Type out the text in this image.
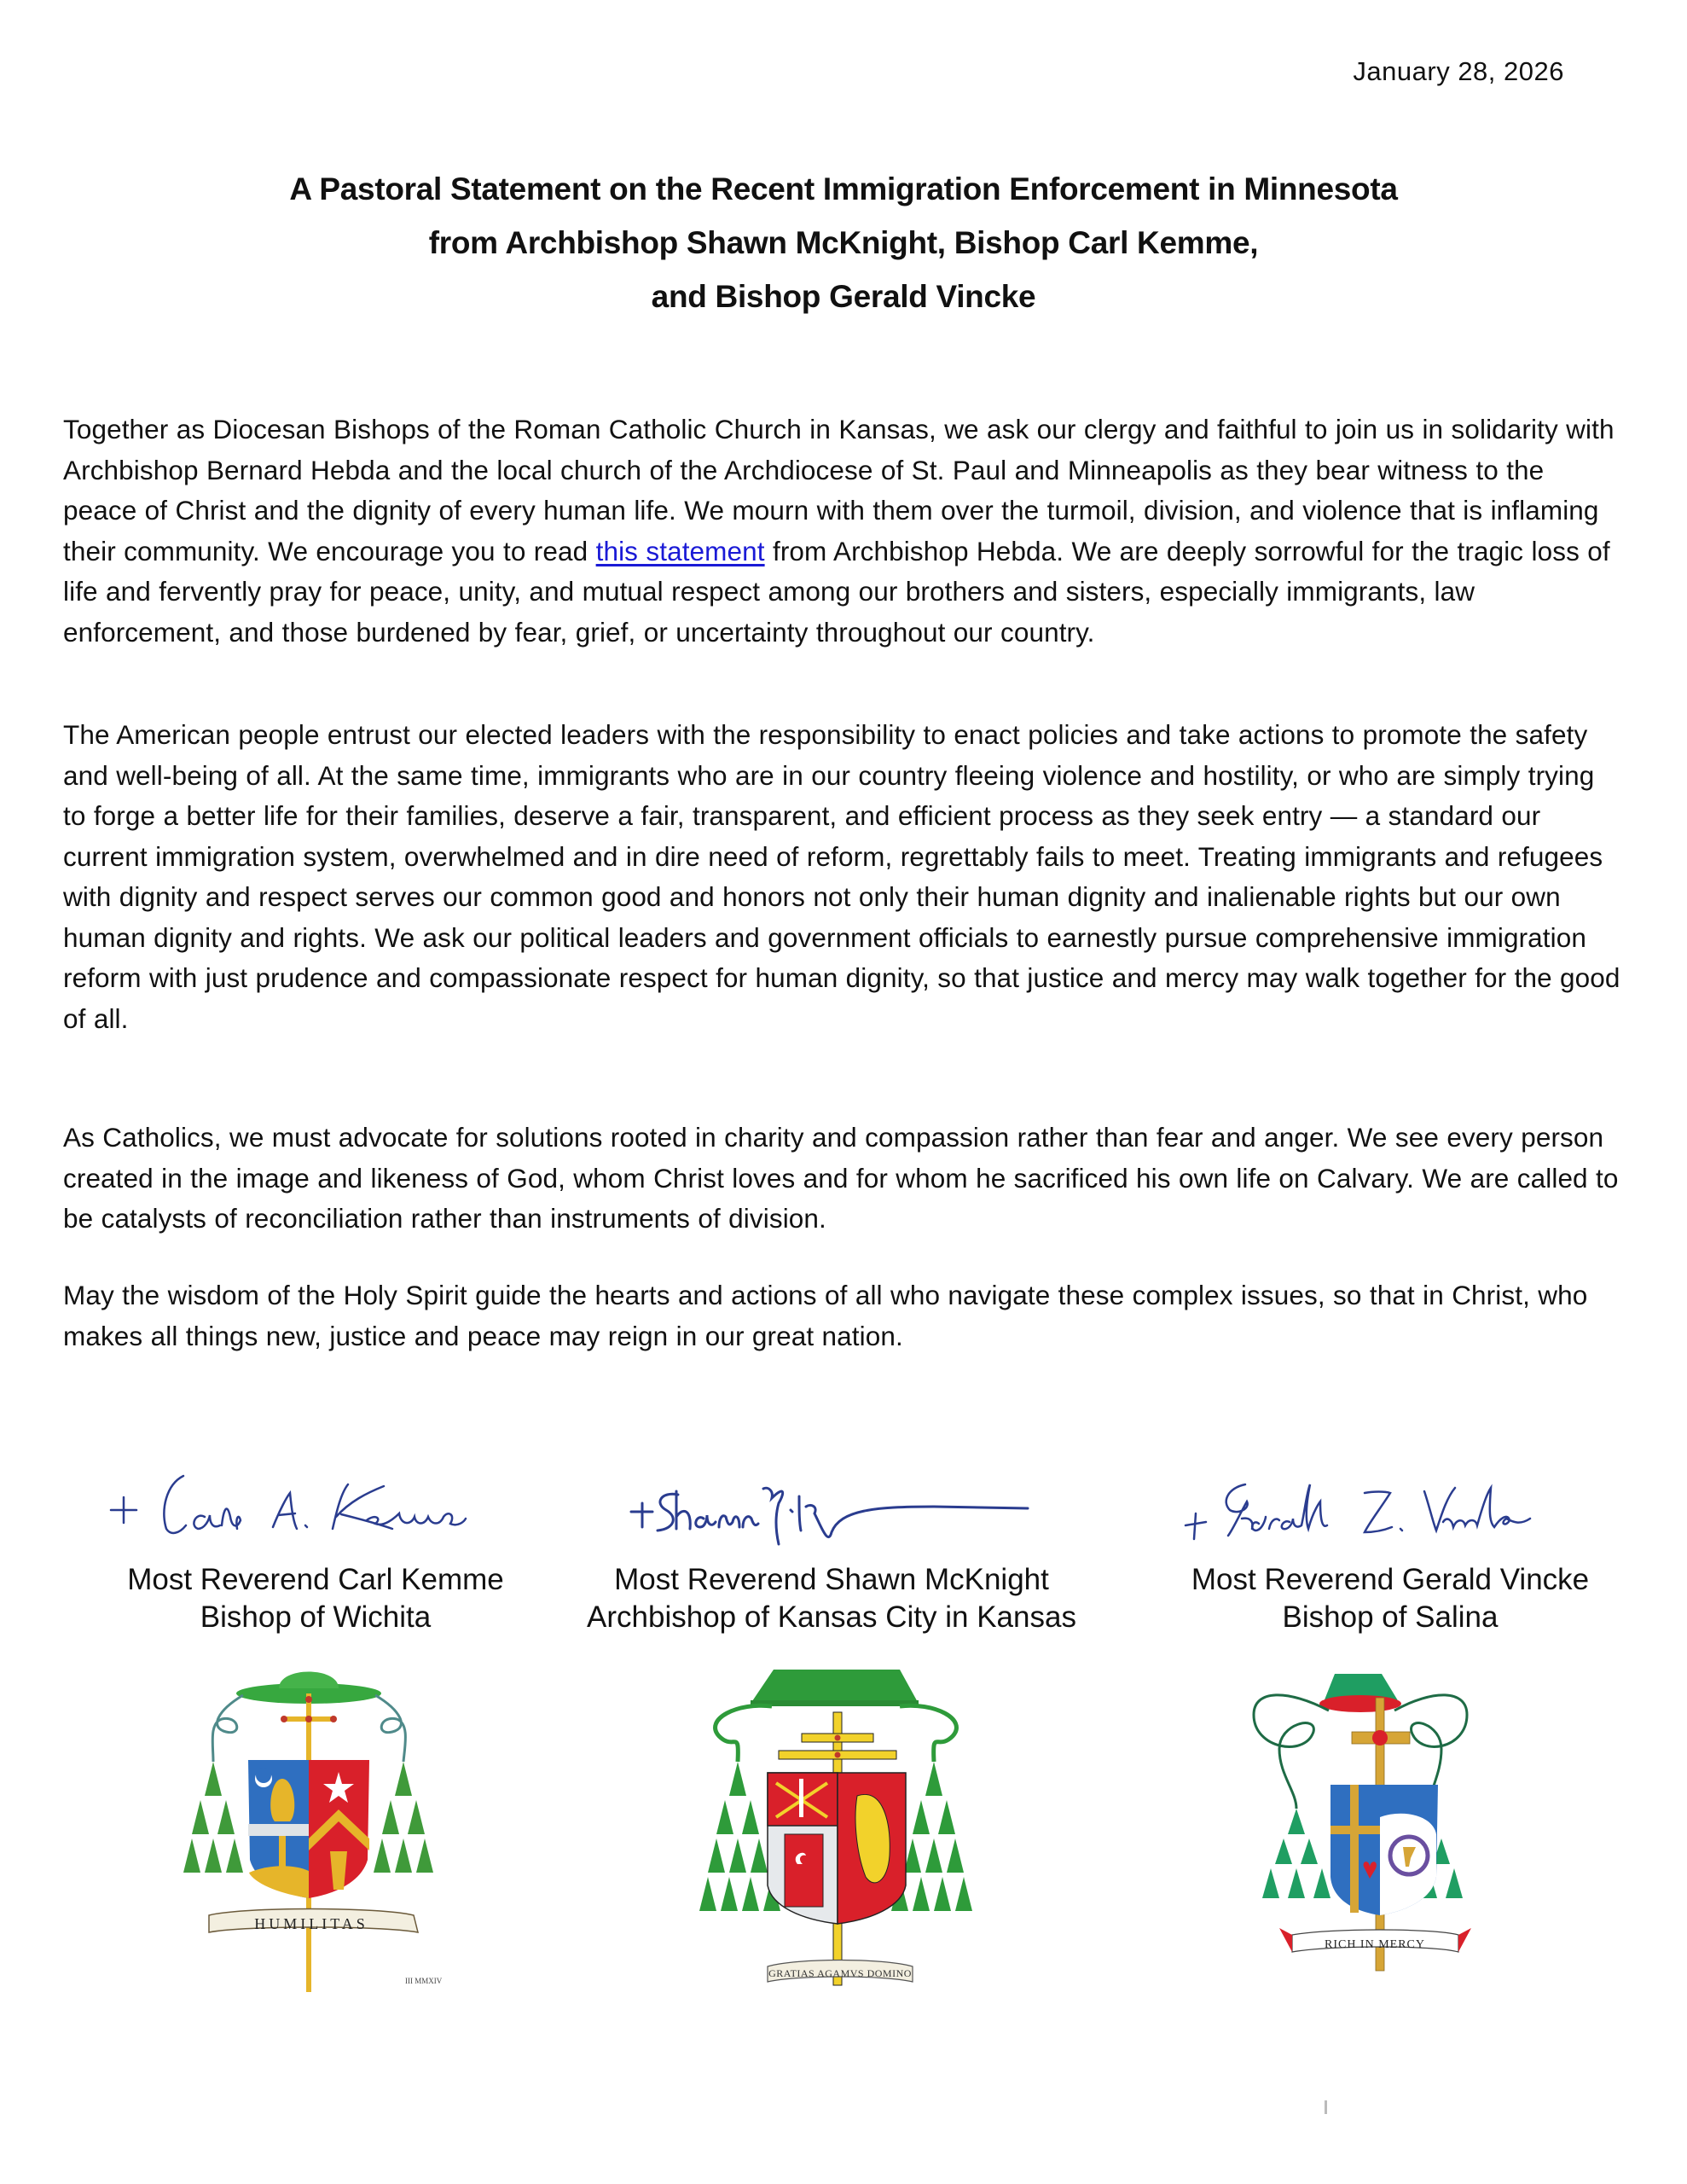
January 28, 2026
A Pastoral Statement on the Recent Immigration Enforcement in Minnesota
from Archbishop Shawn McKnight, Bishop Carl Kemme,
and Bishop Gerald Vincke

Together as Diocesan Bishops of the Roman Catholic Church in Kansas, we ask our clergy and faithful to join us in solidarity with Archbishop Bernard Hebda and the local church of the Archdiocese of St. Paul and Minneapolis as they bear witness to the peace of Christ and the dignity of every human life. We mourn with them over the turmoil, division, and violence that is inflaming their community. We encourage you to read this statement from Archbishop Hebda. We are deeply sorrowful for the tragic loss of life and fervently pray for peace, unity, and mutual respect among our brothers and sisters, especially immigrants, law enforcement, and those burdened by fear, grief, or uncertainty throughout our country.

The American people entrust our elected leaders with the responsibility to enact policies and take actions to promote the safety and well-being of all. At the same time, immigrants who are in our country fleeing violence and hostility, or who are simply trying to forge a better life for their families, deserve a fair, transparent, and efficient process as they seek entry — a standard our current immigration system, overwhelmed and in dire need of reform, regrettably fails to meet. Treating immigrants and refugees with dignity and respect serves our common good and honors not only their human dignity and inalienable rights but our own human dignity and rights. We ask our political leaders and government officials to earnestly pursue comprehensive immigration reform with just prudence and compassionate respect for human dignity, so that justice and mercy may walk together for the good of all.

As Catholics, we must advocate for solutions rooted in charity and compassion rather than fear and anger. We see every person created in the image and likeness of God, whom Christ loves and for whom he sacrificed his own life on Calvary. We are called to be catalysts of reconciliation rather than instruments of division.

May the wisdom of the Holy Spirit guide the hearts and actions of all who navigate these complex issues, so that in Christ, who makes all things new, justice and peace may reign in our great nation.

Most Reverend Carl Kemme
Bishop of Wichita
Most Reverend Shawn McKnight
Archbishop of Kansas City in Kansas
Most Reverend Gerald Vincke
Bishop of Salina
HUMILITAS
III MMXIV
GRATIAS AGAMVS DOMINO
RICH IN MERCY
